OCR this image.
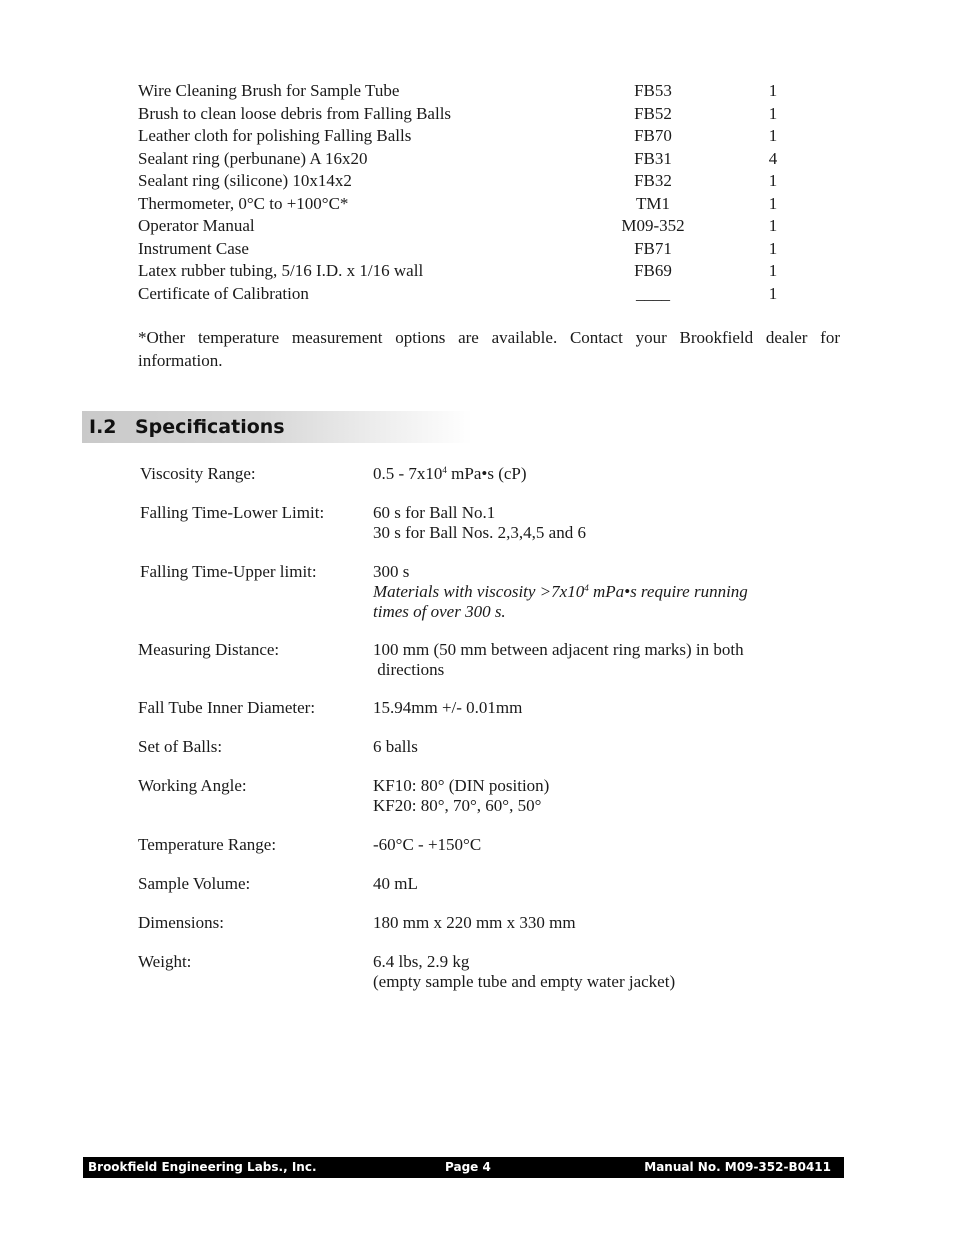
Wire Cleaning Brush for Sample Tube	FB53	1
Brush to clean loose debris from Falling Balls	FB52	1
Leather cloth for polishing Falling Balls	FB70	1
Sealant ring (perbunane) A 16x20	FB31	4
Sealant ring (silicone) 10x14x2	FB32	1
Thermometer, 0°C to +100°C*	TM1	1
Operator Manual	M09-352	1
Instrument Case	FB71	1
Latex rubber tubing, 5/16 I.D. x 1/16 wall	FB69	1
Certificate of Calibration	____	1
*Other temperature measurement options are available. Contact your Brookfield dealer for information.
I.2 Specifications
Viscosity Range:	$0.5 - 7x10^4$ mPa•s (cP)
Falling Time-Lower Limit:	60 s for Ball No.1
30 s for Ball Nos. 2,3,4,5 and 6
Falling Time-Upper limit:	300 s
Materials with viscosity $>7x10^4$ mPa•s require running
times of over 300 s.
Measuring Distance:	100 mm (50 mm between adjacent ring marks) in both
directions
Fall Tube Inner Diameter:	15.94mm +/- 0.01mm
Set of Balls:	6 balls
Working Angle:	KF10: 80° (DIN position)
KF20: 80°, 70°, 60°, 50°
Temperature Range:	-60°C - +150°C
Sample Volume:	40 mL
Dimensions:	180 mm x 220 mm x 330 mm
Weight:	6.4 lbs, 2.9 kg
(empty sample tube and empty water jacket)
Brookfield Engineering Labs., Inc.	Page 4	Manual No. M09-352-B0411
